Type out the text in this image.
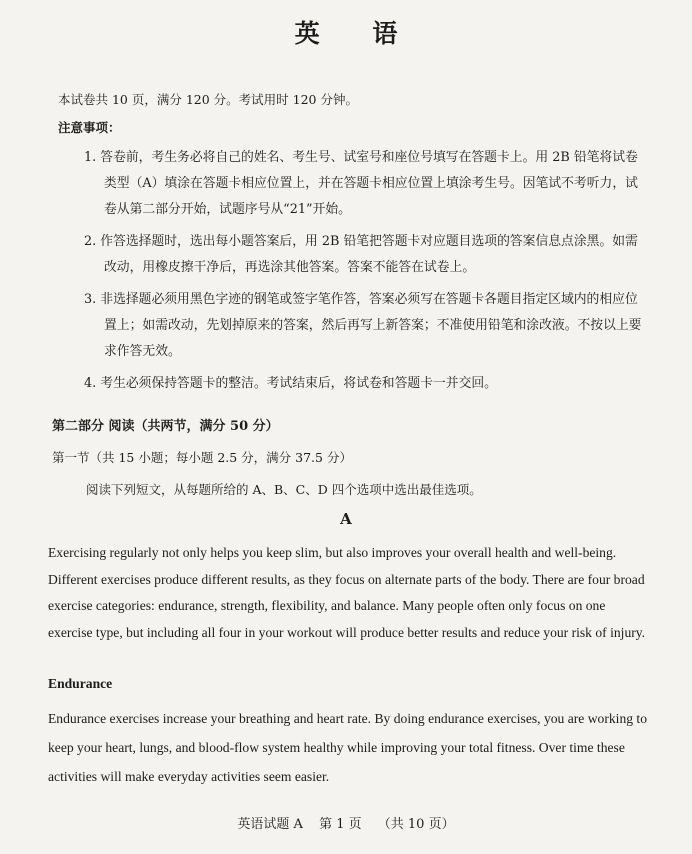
英 语
本试卷共 10 页，满分 120 分。考试用时 120 分钟。
注意事项：
1. 答卷前，考生务必将自己的姓名、考生号、试室号和座位号填写在答题卡上。用 2B 铅笔将试卷类型（A）填涂在答题卡相应位置上，并在答题卡相应位置上填涂考生号。因笔试不考听力，试卷从第二部分开始，试题序号从“21”开始。
2. 作答选择题时，选出每小题答案后，用 2B 铅笔把答题卡对应题目选项的答案信息点涂黑。如需改动，用橡皮擦干净后，再选涂其他答案。答案不能答在试卷上。
3. 非选择题必须用黑色字迹的钢笔或签字笔作答，答案必须写在答题卡各题目指定区域内的相应位置上；如需改动，先划掉原来的答案，然后再写上新答案；不准使用铅笔和涂改液。不按以上要求作答无效。
4. 考生必须保持答题卡的整洁。考试结束后，将试卷和答题卡一并交回。
第二部分 阅读（共两节，满分 50 分）
第一节（共 15 小题；每小题 2.5 分，满分 37.5 分）
阅读下列短文，从每题所给的 A、B、C、D 四个选项中选出最佳选项。
A

Exercising regularly not only helps you keep slim, but also improves your overall health and well-being. Different exercises produce different results, as they focus on alternate parts of the body. There are four broad exercise categories: endurance, strength, flexibility, and balance. Many people often only focus on one exercise type, but including all four in your workout will produce better results and reduce your risk of injury.

Endurance

Endurance exercises increase your breathing and heart rate. By doing endurance exercises, you are working to keep your heart, lungs, and blood-flow system healthy while improving your total fitness. Over time these activities will make everyday activities seem easier.

英语试题 A 第 1 页 （共 10 页）
